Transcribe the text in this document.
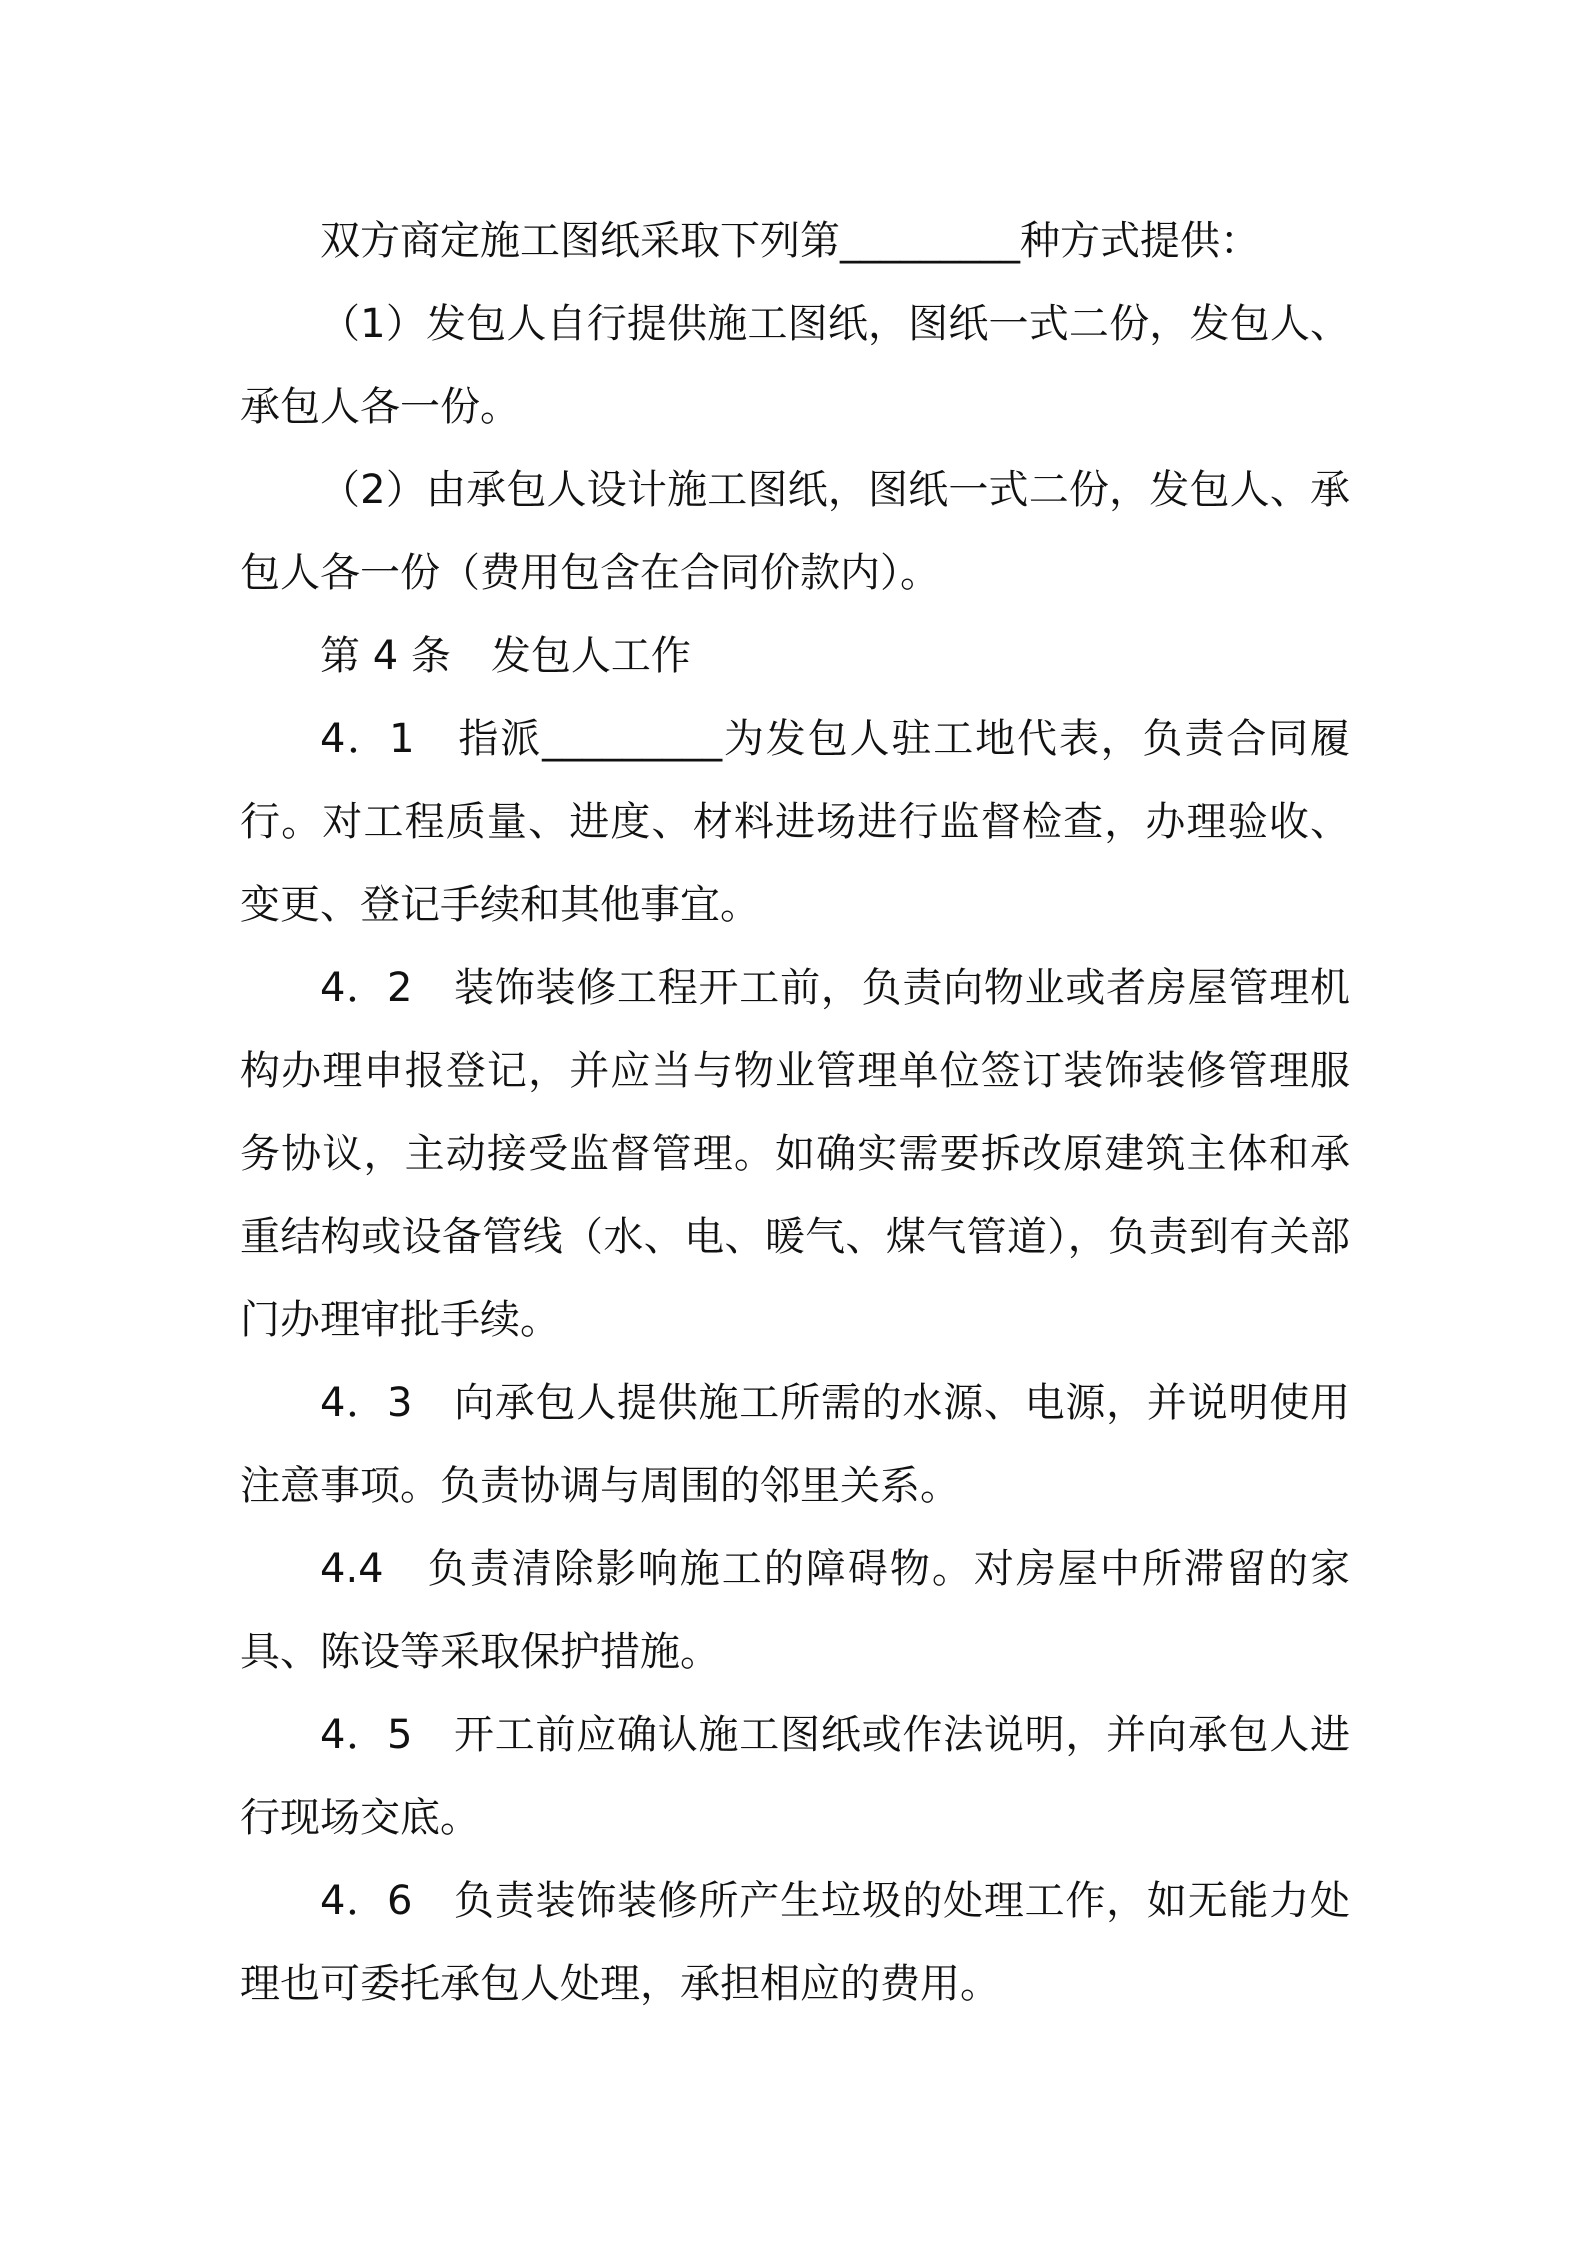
双方商定施工图纸采取下列第_________种方式提供：

（1）发包人自行提供施工图纸，图纸一式二份，发包人、承包人各一份。

（2）由承包人设计施工图纸，图纸一式二份，发包人、承包人各一份（费用包含在合同价款内）。

第 4 条　发包人工作

4．1　指派_________为发包人驻工地代表，负责合同履行。对工程质量、进度、材料进场进行监督检查，办理验收、变更、登记手续和其他事宜。

4．2　装饰装修工程开工前，负责向物业或者房屋管理机构办理申报登记，并应当与物业管理单位签订装饰装修管理服务协议，主动接受监督管理。如确实需要拆改原建筑主体和承重结构或设备管线（水、电、暖气、煤气管道），负责到有关部门办理审批手续。

4．3　向承包人提供施工所需的水源、电源，并说明使用注意事项。负责协调与周围的邻里关系。

4.4　负责清除影响施工的障碍物。对房屋中所滞留的家具、陈设等采取保护措施。

4．5　开工前应确认施工图纸或作法说明，并向承包人进行现场交底。

4．6　负责装饰装修所产生垃圾的处理工作，如无能力处理也可委托承包人处理，承担相应的费用。
